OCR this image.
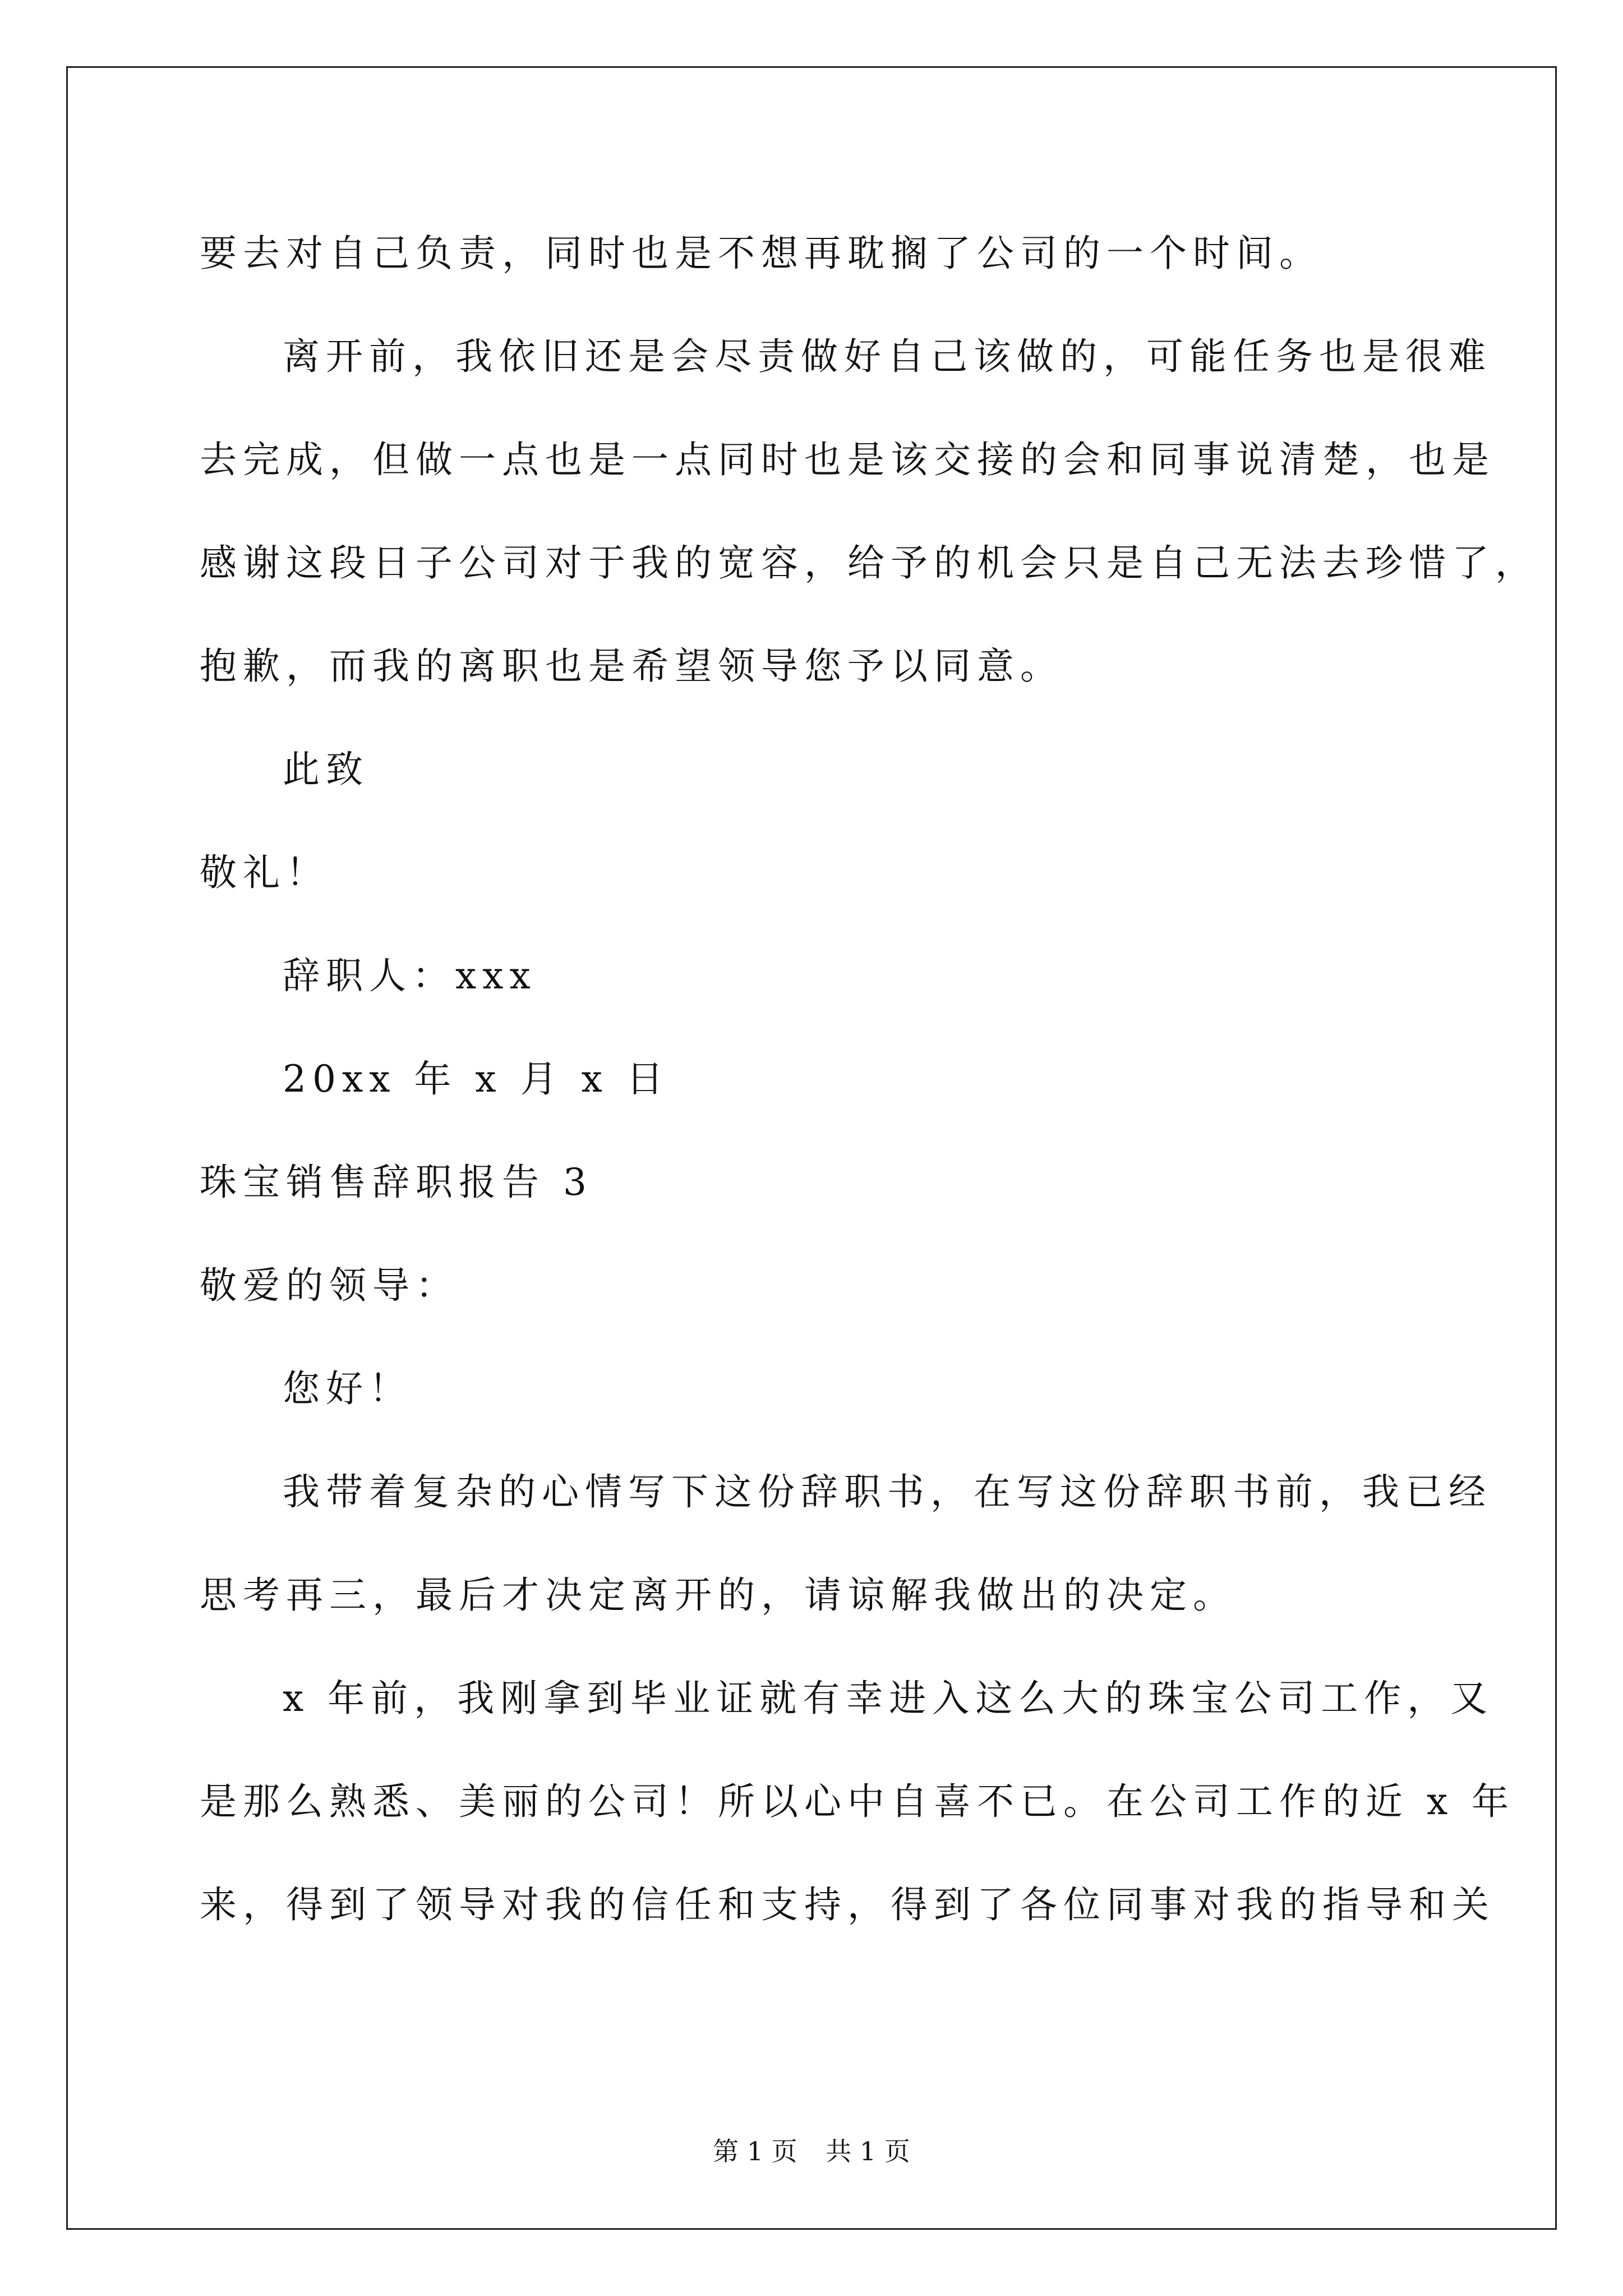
要去对自己负责，同时也是不想再耽搁了公司的一个时间。
离开前，我依旧还是会尽责做好自己该做的，可能任务也是很难
去完成，但做一点也是一点同时也是该交接的会和同事说清楚，也是
感谢这段日子公司对于我的宽容，给予的机会只是自己无法去珍惜了，
抱歉，而我的离职也是希望领导您予以同意。
此致
敬礼！
辞职人：xxx
20xx 年 x 月 x 日
珠宝销售辞职报告 3
敬爱的领导：
您好！
我带着复杂的心情写下这份辞职书，在写这份辞职书前，我已经
思考再三，最后才决定离开的，请谅解我做出的决定。
x 年前，我刚拿到毕业证就有幸进入这么大的珠宝公司工作，又
是那么熟悉、美丽的公司！所以心中自喜不已。在公司工作的近 x 年
来，得到了领导对我的信任和支持，得到了各位同事对我的指导和关
第 1 页 共 1 页
